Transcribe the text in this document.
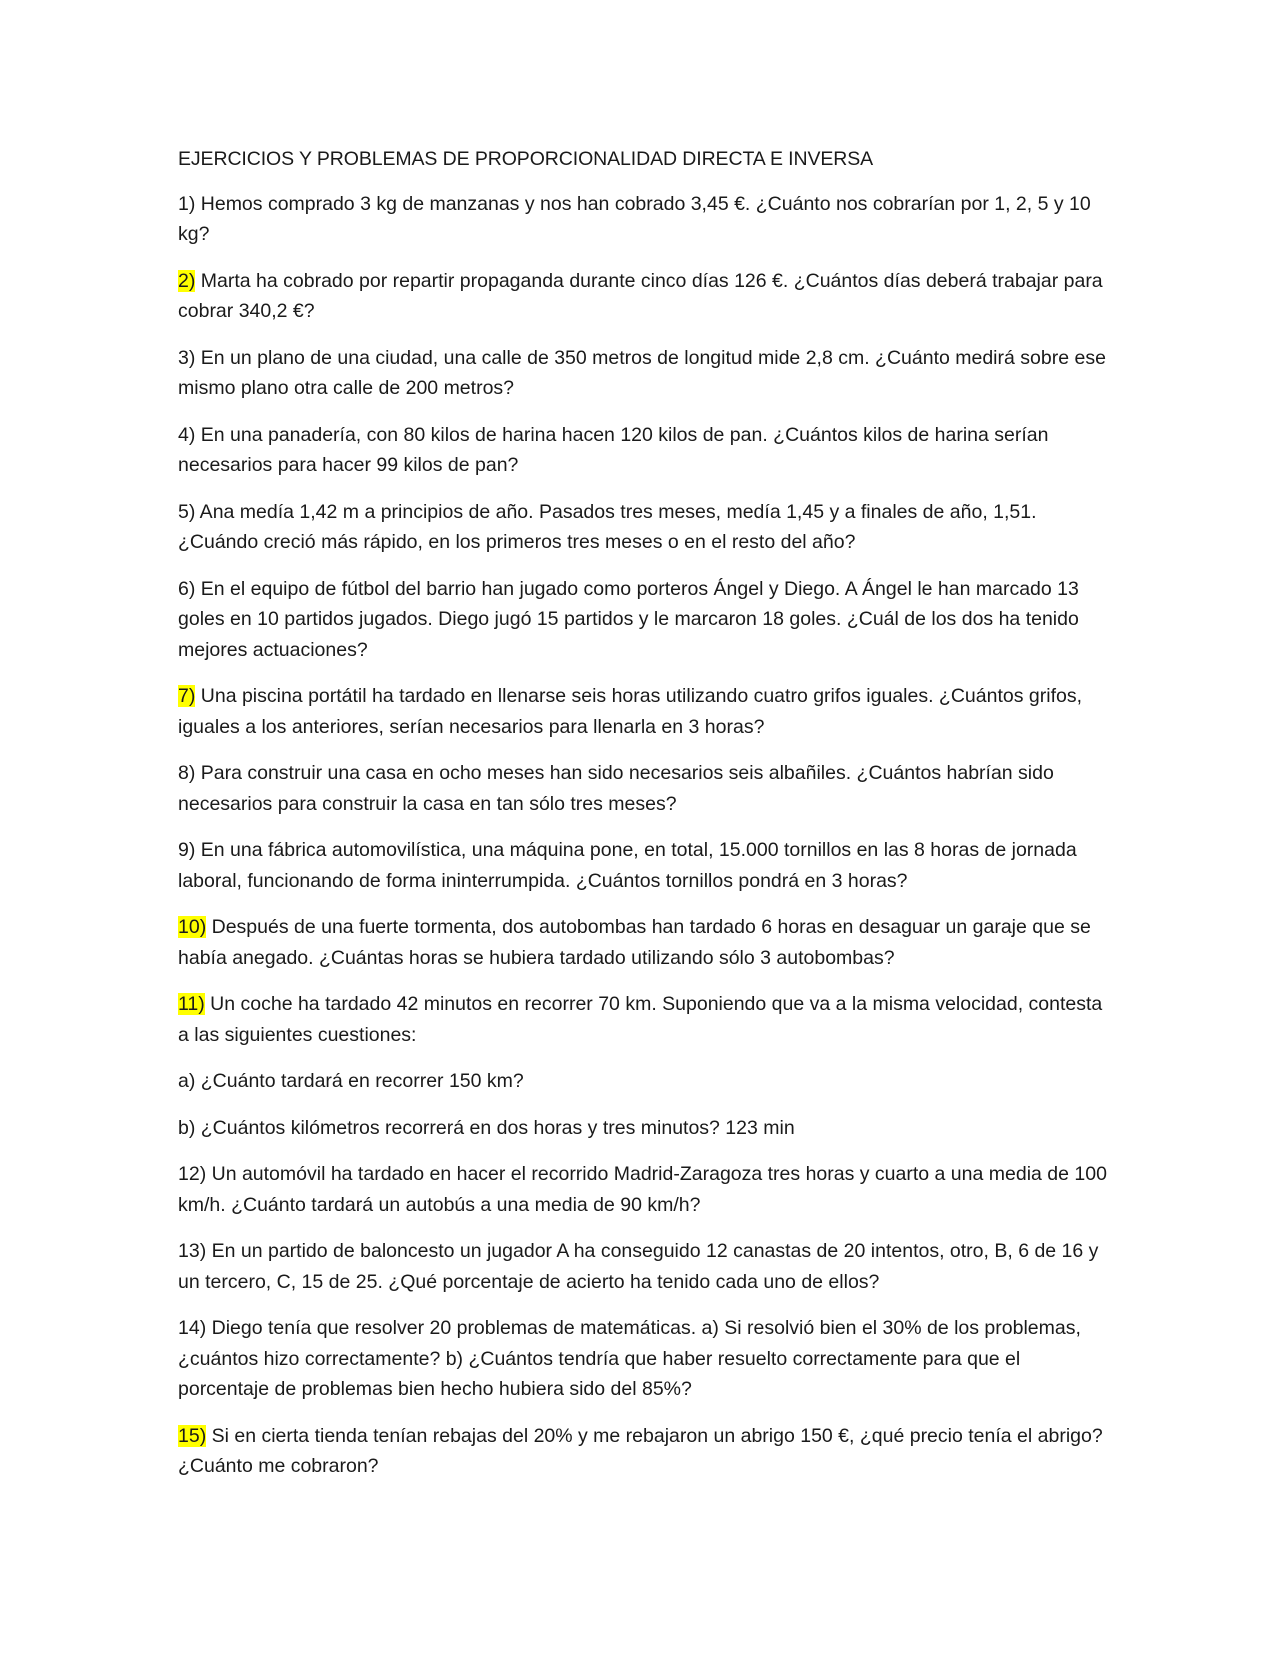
EJERCICIOS Y PROBLEMAS DE PROPORCIONALIDAD DIRECTA E INVERSA

1) Hemos comprado 3 kg de manzanas y nos han cobrado 3,45 €. ¿Cuánto nos cobrarían por 1, 2, 5 y 10 kg?

2) Marta ha cobrado por repartir propaganda durante cinco días 126 €. ¿Cuántos días deberá trabajar para cobrar 340,2 €?

3) En un plano de una ciudad, una calle de 350 metros de longitud mide 2,8 cm. ¿Cuánto medirá sobre ese mismo plano otra calle de 200 metros?

4) En una panadería, con 80 kilos de harina hacen 120 kilos de pan. ¿Cuántos kilos de harina serían necesarios para hacer 99 kilos de pan?

5) Ana medía 1,42 m a principios de año. Pasados tres meses, medía 1,45 y a finales de año, 1,51. ¿Cuándo creció más rápido, en los primeros tres meses o en el resto del año?

6) En el equipo de fútbol del barrio han jugado como porteros Ángel y Diego. A Ángel le han marcado 13 goles en 10 partidos jugados. Diego jugó 15 partidos y le marcaron 18 goles. ¿Cuál de los dos ha tenido mejores actuaciones?

7) Una piscina portátil ha tardado en llenarse seis horas utilizando cuatro grifos iguales. ¿Cuántos grifos, iguales a los anteriores, serían necesarios para llenarla en 3 horas?

8) Para construir una casa en ocho meses han sido necesarios seis albañiles. ¿Cuántos habrían sido necesarios para construir la casa en tan sólo tres meses?

9) En una fábrica automovilística, una máquina pone, en total, 15.000 tornillos en las 8 horas de jornada laboral, funcionando de forma ininterrumpida. ¿Cuántos tornillos pondrá en 3 horas?

10) Después de una fuerte tormenta, dos autobombas han tardado 6 horas en desaguar un garaje que se había anegado. ¿Cuántas horas se hubiera tardado utilizando sólo 3 autobombas?

11) Un coche ha tardado 42 minutos en recorrer 70 km. Suponiendo que va a la misma velocidad, contesta a las siguientes cuestiones:

a) ¿Cuánto tardará en recorrer 150 km?

b) ¿Cuántos kilómetros recorrerá en dos horas y tres minutos? 123 min

12) Un automóvil ha tardado en hacer el recorrido Madrid-Zaragoza tres horas y cuarto a una media de 100 km/h. ¿Cuánto tardará un autobús a una media de 90 km/h?

13) En un partido de baloncesto un jugador A ha conseguido 12 canastas de 20 intentos, otro, B, 6 de 16 y un tercero, C, 15 de 25. ¿Qué porcentaje de acierto ha tenido cada uno de ellos?

14) Diego tenía que resolver 20 problemas de matemáticas. a) Si resolvió bien el 30% de los problemas, ¿cuántos hizo correctamente? b) ¿Cuántos tendría que haber resuelto correctamente para que el porcentaje de problemas bien hecho hubiera sido del 85%?

15) Si en cierta tienda tenían rebajas del 20% y me rebajaron un abrigo 150 €, ¿qué precio tenía el abrigo? ¿Cuánto me cobraron?
